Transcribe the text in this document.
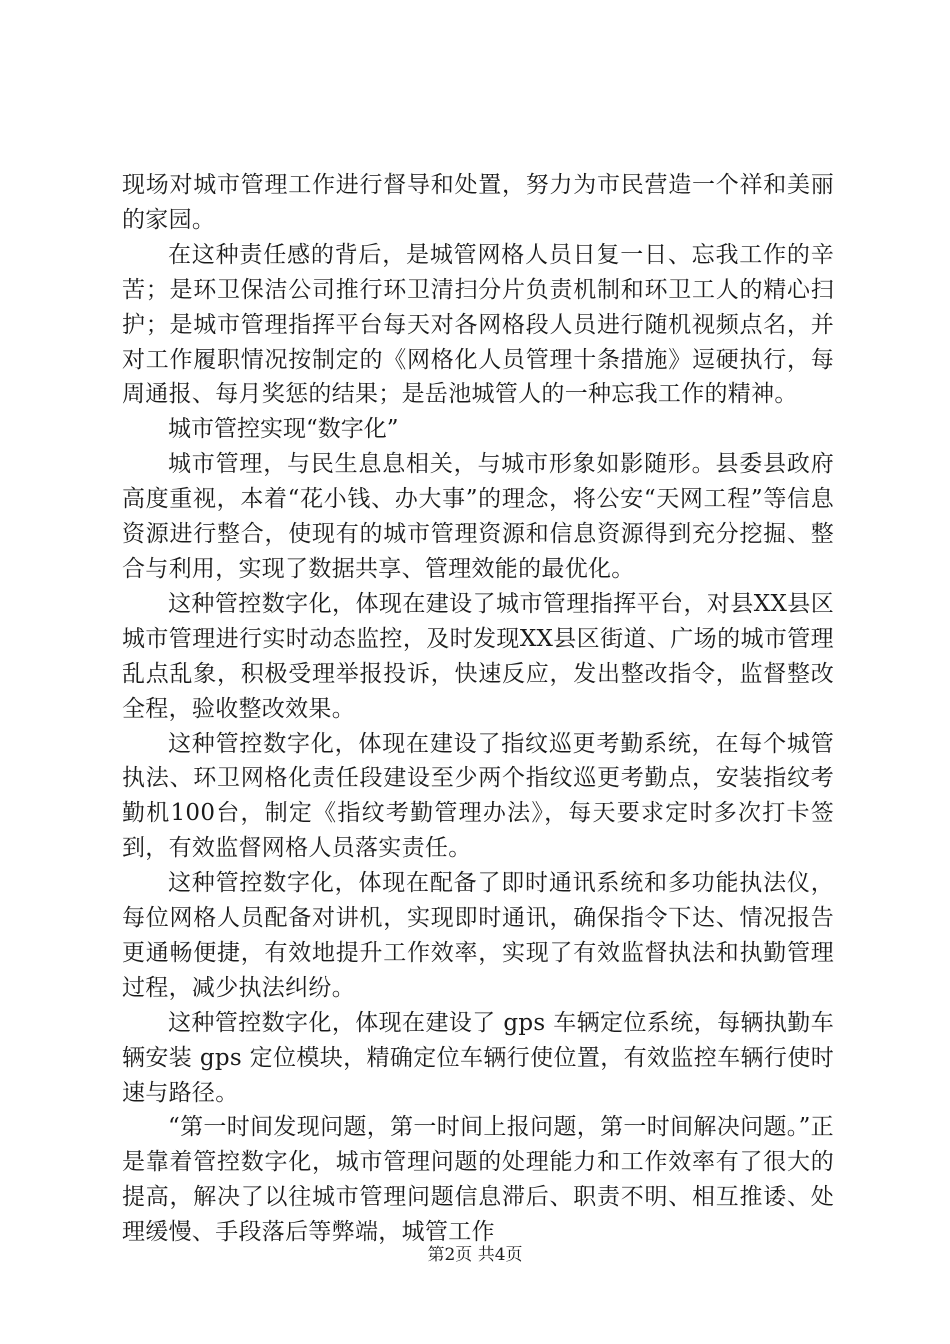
现场对城市管理工作进行督导和处置，努力为市民营造一个祥和美丽的家园。

在这种责任感的背后，是城管网格人员日复一日、忘我工作的辛苦；是环卫保洁公司推行环卫清扫分片负责机制和环卫工人的精心扫护；是城市管理指挥平台每天对各网格段人员进行随机视频点名，并对工作履职情况按制定的《网格化人员管理十条措施》逗硬执行，每周通报、每月奖惩的结果；是岳池城管人的一种忘我工作的精神。

城市管控实现“数字化”

城市管理，与民生息息相关，与城市形象如影随形。县委县政府高度重视，本着“花小钱、办大事”的理念，将公安“天网工程”等信息资源进行整合，使现有的城市管理资源和信息资源得到充分挖掘、整合与利用，实现了数据共享、管理效能的最优化。

这种管控数字化，体现在建设了城市管理指挥平台，对县XX县区城市管理进行实时动态监控，及时发现XX县区街道、广场的城市管理乱点乱象，积极受理举报投诉，快速反应，发出整改指令，监督整改全程，验收整改效果。

这种管控数字化，体现在建设了指纹巡更考勤系统，在每个城管执法、环卫网格化责任段建设至少两个指纹巡更考勤点，安装指纹考勤机100台，制定《指纹考勤管理办法》，每天要求定时多次打卡签到，有效监督网格人员落实责任。

这种管控数字化，体现在配备了即时通讯系统和多功能执法仪，每位网格人员配备对讲机，实现即时通讯，确保指令下达、情况报告更通畅便捷，有效地提升工作效率，实现了有效监督执法和执勤管理过程，减少执法纠纷。

这种管控数字化，体现在建设了 gps 车辆定位系统，每辆执勤车辆安装 gps 定位模块，精确定位车辆行使位置，有效监控车辆行使时速与路径。

“第一时间发现问题，第一时间上报问题，第一时间解决问题。”正是靠着管控数字化，城市管理问题的处理能力和工作效率有了很大的提高，解决了以往城市管理问题信息滞后、职责不明、相互推诿、处理缓慢、手段落后等弊端，城管工作

第2页 共4页
